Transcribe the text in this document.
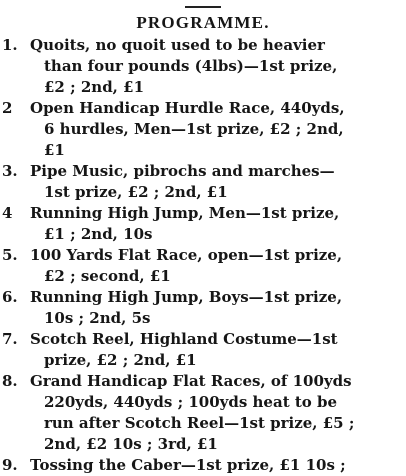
PROGRAMME.
1. Quoits, no quoit used to be heavier
than four pounds (4lbs)—1st prize,
£2 ; 2nd, £1
2	Open Handicap Hurdle Race, 440yds,
6 hurdles, Men—1st prize, £2 ; 2nd,
£1
3. Pipe Music, pibrochs and marches—
1st prize, £2 ; 2nd, £1
4	Running High Jump, Men—1st prize,
£1 ; 2nd, 10s
5. 100 Yards Flat Race, open—1st prize,
£2 ; second, £1
6. Running High Jump, Boys—1st prize,
10s ; 2nd, 5s
7. Scotch Reel, Highland Costume—1st
prize, £2 ; 2nd, £1
8. Grand Handicap Flat Races, of 100yds
220yds, 440yds ; 100yds heat to be
run after Scotch Reel—1st prize, £5 ;
2nd, £2 10s ; 3rd, £1
9. Tossing the Caber—1st prize, £1 10s ;
